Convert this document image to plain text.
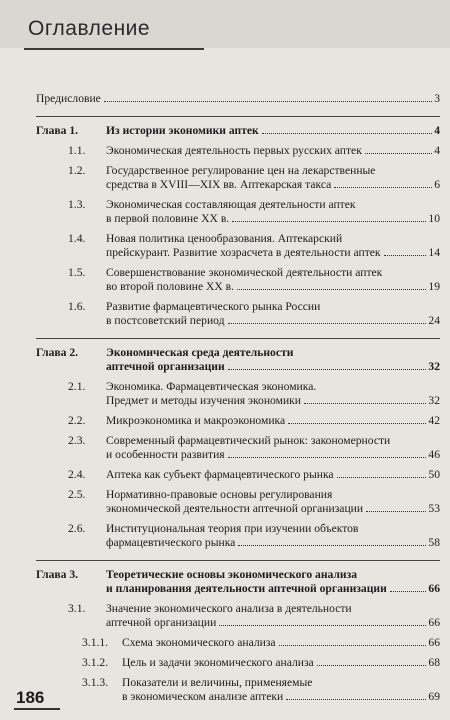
Оглавление
Предисловие	3
Глава 1. Из истории экономики аптек	4
1.1. Экономическая деятельность первых русских аптек	4
1.2. Государственное регулирование цен на лекарственные
средства в XVIII—XIX вв. Аптекарская такса	6
1.3. Экономическая составляющая деятельности аптек
в первой половине XX в.	10
1.4. Новая политика ценообразования. Аптекарский
прейскурант. Развитие хозрасчета в деятельности аптек	14
1.5. Совершенствование экономической деятельности аптек
во второй половине XX в.	19
1.6. Развитие фармацевтического рынка России
в постсоветский период	24
Глава 2. Экономическая среда деятельности
аптечной организации	32
2.1. Экономика. Фармацевтическая экономика.
Предмет и методы изучения экономики	32
2.2. Микроэкономика и макроэкономика	42
2.3. Современный фармацевтический рынок: закономерности
и особенности развития	46
2.4. Аптека как субъект фармацевтического рынка	50
2.5. Нормативно-правовые основы регулирования
экономической деятельности аптечной организации	53
2.6. Институциональная теория при изучении объектов
фармацевтического рынка	58
Глава 3. Теоретические основы экономического анализа
и планирования деятельности аптечной организации	66
3.1. Значение экономического анализа в деятельности
аптечной организации	66
3.1.1. Схема экономического анализа	66
3.1.2. Цель и задачи экономического анализа	68
3.1.3. Показатели и величины, применяемые
в экономическом анализе аптеки	69
186
